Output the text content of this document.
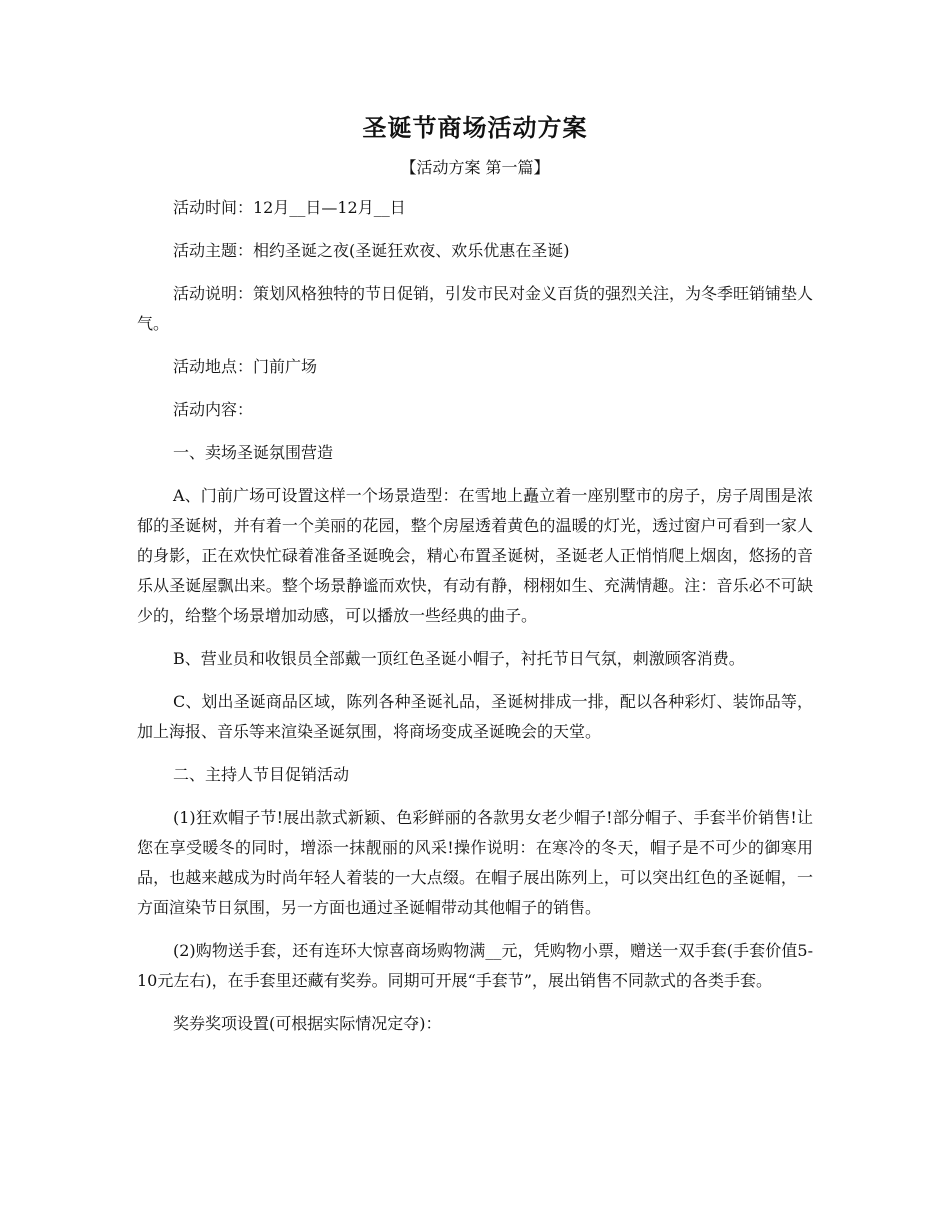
圣诞节商场活动方案

【活动方案 第一篇】

活动时间：12月__日—12月__日

活动主题：相约圣诞之夜(圣诞狂欢夜、欢乐优惠在圣诞)

活动说明：策划风格独特的节日促销，引发市民对金义百货的强烈关注，为冬季旺销铺垫人气。

活动地点：门前广场

活动内容：

一、卖场圣诞氛围营造

A、门前广场可设置这样一个场景造型：在雪地上矗立着一座别墅市的房子，房子周围是浓郁的圣诞树，并有着一个美丽的花园，整个房屋透着黄色的温暖的灯光，透过窗户可看到一家人的身影，正在欢快忙碌着准备圣诞晚会，精心布置圣诞树，圣诞老人正悄悄爬上烟囱，悠扬的音乐从圣诞屋飘出来。整个场景静谧而欢快，有动有静，栩栩如生、充满情趣。注：音乐必不可缺少的，给整个场景增加动感，可以播放一些经典的曲子。

B、营业员和收银员全部戴一顶红色圣诞小帽子，衬托节日气氛，刺激顾客消费。

C、划出圣诞商品区域，陈列各种圣诞礼品，圣诞树排成一排，配以各种彩灯、装饰品等，加上海报、音乐等来渲染圣诞氛围，将商场变成圣诞晚会的天堂。

二、主持人节目促销活动

(1)狂欢帽子节!展出款式新颖、色彩鲜丽的各款男女老少帽子!部分帽子、手套半价销售!让您在享受暖冬的同时，增添一抹靓丽的风采!操作说明：在寒冷的冬天，帽子是不可少的御寒用品，也越来越成为时尚年轻人着装的一大点缀。在帽子展出陈列上，可以突出红色的圣诞帽，一方面渲染节日氛围，另一方面也通过圣诞帽带动其他帽子的销售。

(2)购物送手套，还有连环大惊喜商场购物满__元，凭购物小票，赠送一双手套(手套价值5-10元左右)，在手套里还藏有奖券。同期可开展“手套节”，展出销售不同款式的各类手套。

奖券奖项设置(可根据实际情况定夺)：
